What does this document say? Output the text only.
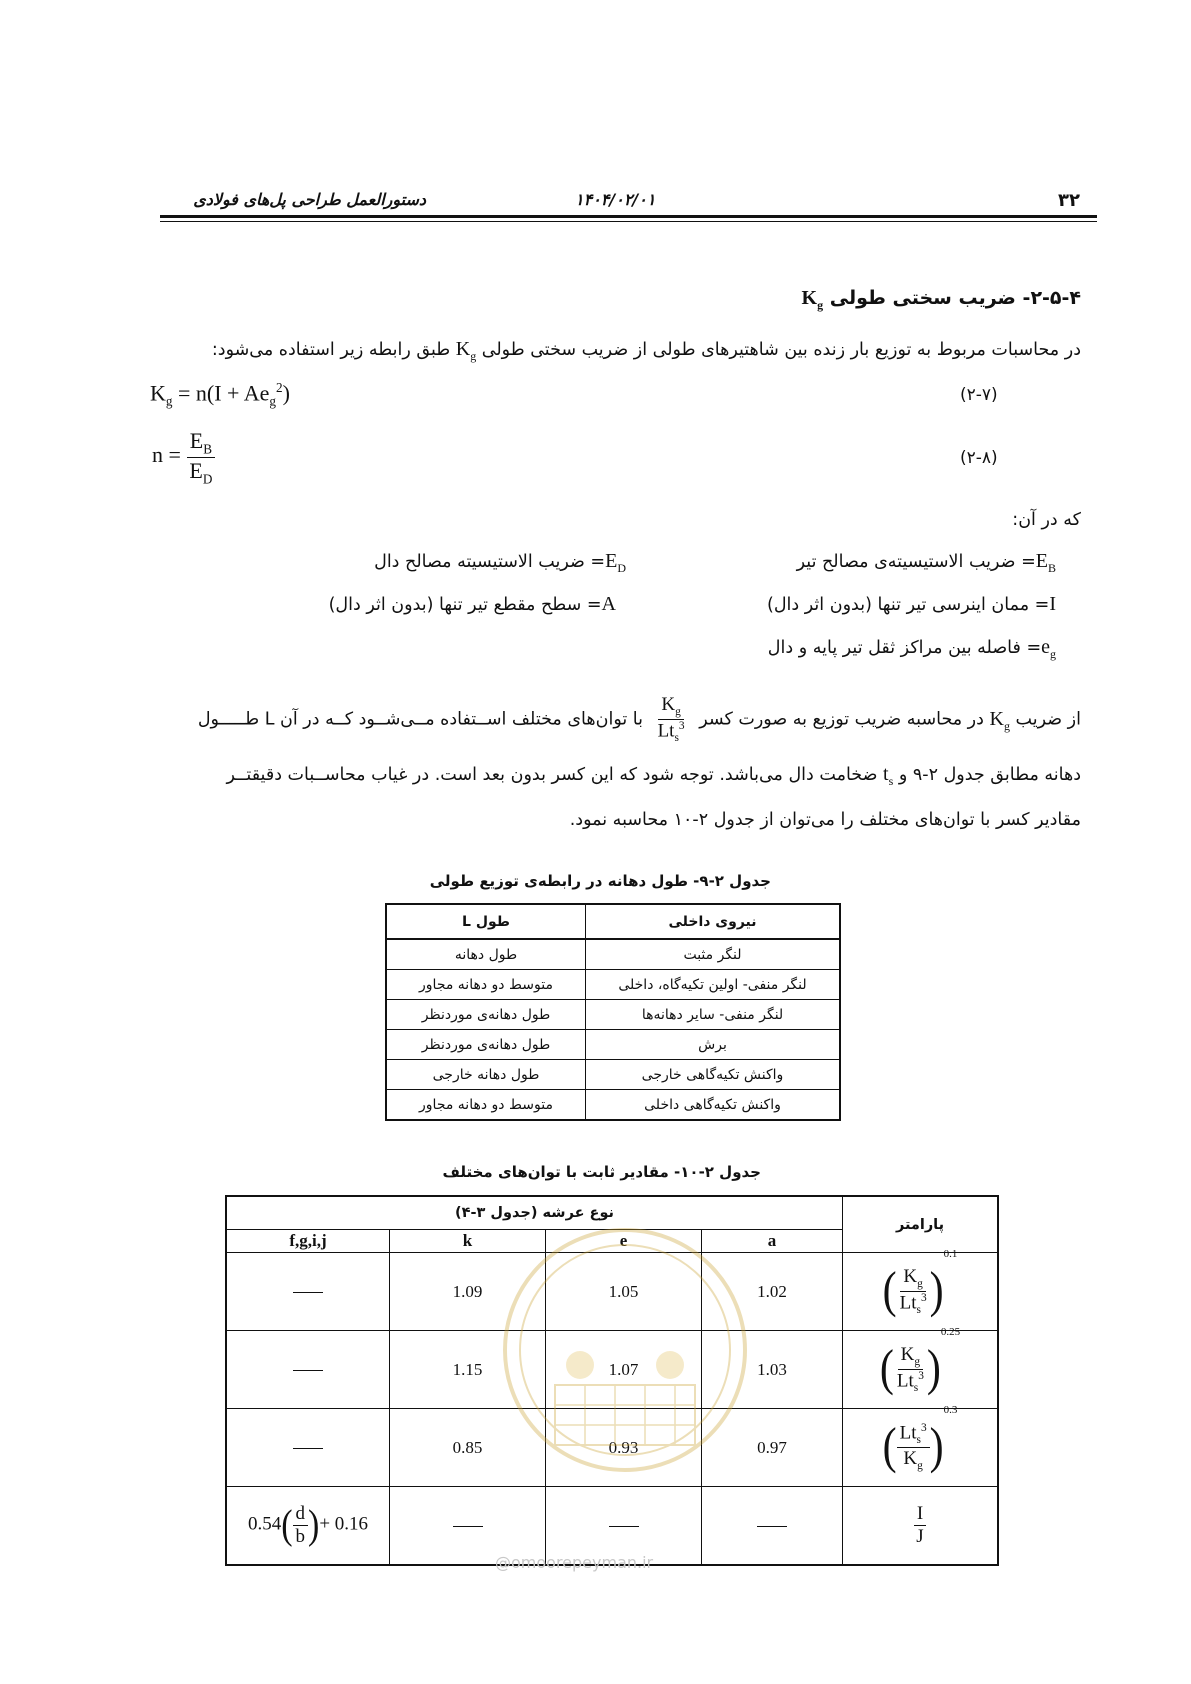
۳۲
۱۴۰۴/۰۲/۰۱
دستورالعمل طراحی پل‌های فولادی
۲-۵-۴- ضریب سختی طولی $K_g$
در محاسبات مربوط به توزیع بار زنده بین شاهتیرهای طولی از ضریب سختی طولی $K_g$ طبق رابطه زیر استفاده می‌شود:
$K_g = n(I + Ae_g^2)$	(۲-۷)
$n = \frac{E_B}{E_D}$	(۲-۸)
که در آن:
$E_B=$ ضریب الاستیسیته‌ی مصالح تیر
$E_D=$ ضریب الاستیسیته مصالح دال
I= ممان اینرسی تیر تنها (بدون اثر دال)
A= سطح مقطع تیر تنها (بدون اثر دال)
$e_g=$ فاصله بین مراکز ثقل تیر پایه و دال
از ضریب $K_g$ در محاسبه ضریب توزیع به صورت کسر
$\frac{K_g}{Lt_s^3}$
با توان‌های مختلف اســتفاده مــی‌شــود کــه در آن L طـــــول
دهانه مطابق جدول ۲-۹ و $t_s$ ضخامت دال می‌باشد. توجه شود که این کسر بدون بعد است. در غیاب محاســبات دقیقتــر
مقادیر کسر با توان‌های مختلف را می‌توان از جدول ۲-۱۰ محاسبه نمود.
جدول ۲-۹- طول دهانه در رابطه‌ی توزیع طولی
طول L	نیروی داخلی
طول دهانه	لنگر مثبت
متوسط دو دهانه مجاور	لنگر منفی- اولین تکیه‌گاه، داخلی
طول دهانه‌ی موردنظر	لنگر منفی- سایر دهانه‌ها
طول دهانه‌ی موردنظر	برش
طول دهانه خارجی	واکنش تکیه‌گاهی خارجی
متوسط دو دهانه مجاور	واکنش تکیه‌گاهی داخلی
جدول ۲-۱۰- مقادیر ثابت با توان‌های مختلف
نوع عرشه (جدول ۳-۴)				پارامتر
f,g,i,j	k	e	a	
	1.09	1.05	1.02	( $\frac{K_g}{Lt_s^3} )^{0.1}$
	1.15	1.07	1.03	( $\frac{K_g}{Lt_s^3} )^{0.25}$
	0.85	0.93	0.97	( $\frac{Lt_s^3}{K_g} )^{0.3}$
$0.54( \frac{d}{b}$ )+ 0.16				$\frac{I}{J}$
@omoorepeyman.ir
